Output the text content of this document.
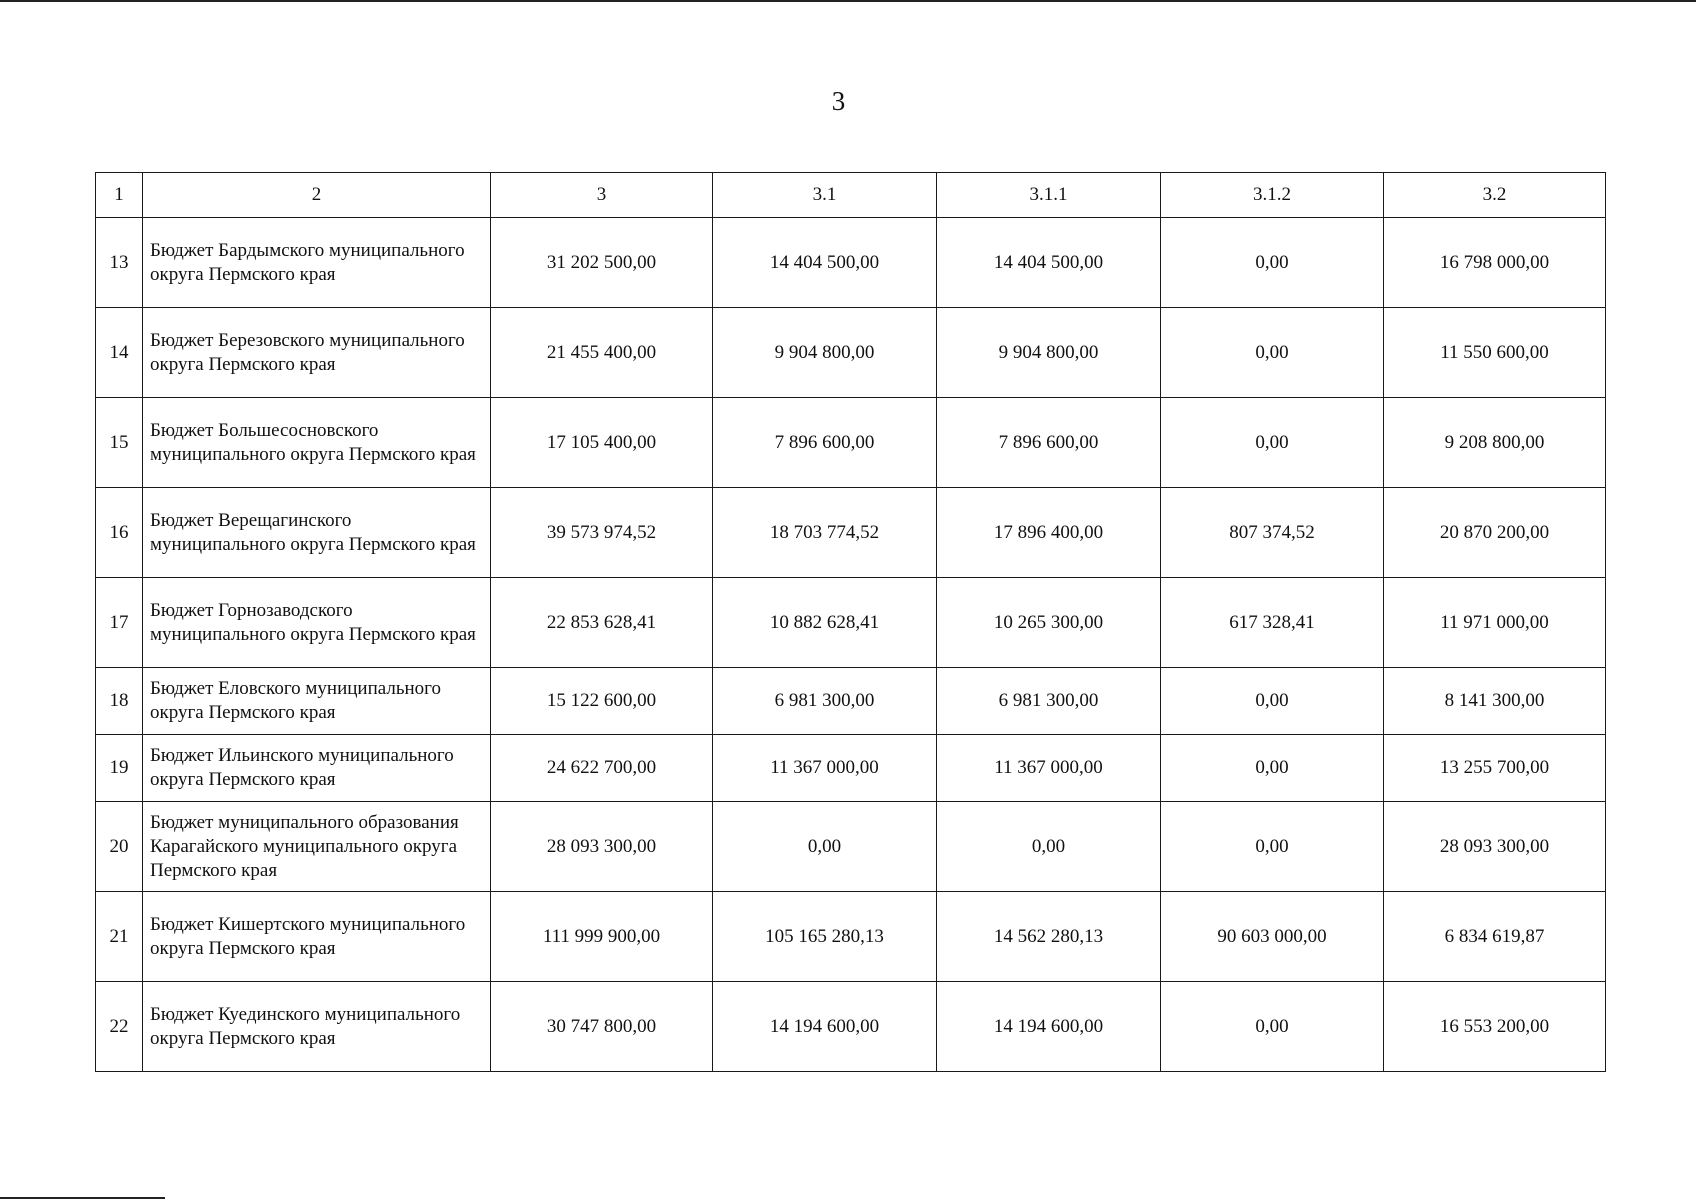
3
1	2	3	3.1	3.1.1	3.1.2	3.2
13	Бюджет Бардымского муниципального округа Пермского края	31 202 500,00	14 404 500,00	14 404 500,00	0,00	16 798 000,00
14	Бюджет Березовского муниципального округа Пермского края	21 455 400,00	9 904 800,00	9 904 800,00	0,00	11 550 600,00
15	Бюджет Большесосновского муниципального округа Пермского края	17 105 400,00	7 896 600,00	7 896 600,00	0,00	9 208 800,00
16	Бюджет Верещагинского муниципального округа Пермского края	39 573 974,52	18 703 774,52	17 896 400,00	807 374,52	20 870 200,00
17	Бюджет Горнозаводского муниципального округа Пермского края	22 853 628,41	10 882 628,41	10 265 300,00	617 328,41	11 971 000,00
18	Бюджет Еловского муниципального округа Пермского края	15 122 600,00	6 981 300,00	6 981 300,00	0,00	8 141 300,00
19	Бюджет Ильинского муниципального округа Пермского края	24 622 700,00	11 367 000,00	11 367 000,00	0,00	13 255 700,00
20	Бюджет муниципального образования Карагайского муниципального округа Пермского края	28 093 300,00	0,00	0,00	0,00	28 093 300,00
21	Бюджет Кишертского муниципального округа Пермского края	111 999 900,00	105 165 280,13	14 562 280,13	90 603 000,00	6 834 619,87
22	Бюджет Куединского муниципального округа Пермского края	30 747 800,00	14 194 600,00	14 194 600,00	0,00	16 553 200,00
